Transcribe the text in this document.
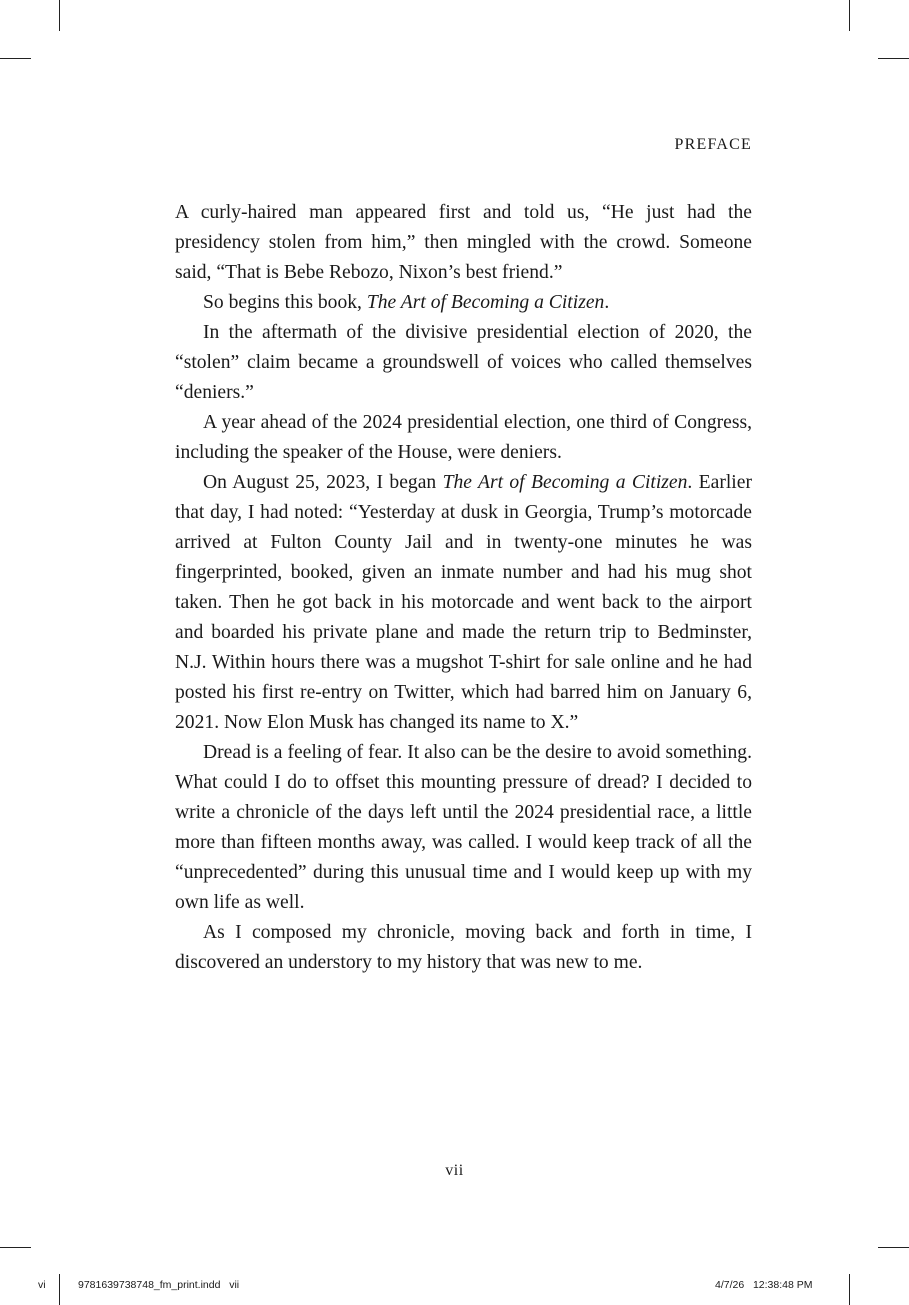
PREFACE

A curly-haired man appeared first and told us, “He just had the presidency stolen from him,” then mingled with the crowd. Someone said, “That is Bebe Rebozo, Nixon’s best friend.”

So begins this book, The Art of Becoming a Citizen.

In the aftermath of the divisive presidential election of 2020, the “stolen” claim became a groundswell of voices who called themselves “deniers.”

A year ahead of the 2024 presidential election, one third of Congress, including the speaker of the House, were deniers.

On August 25, 2023, I began The Art of Becoming a Citizen. Earlier that day, I had noted: “Yesterday at dusk in Georgia, Trump’s motorcade arrived at Fulton County Jail and in twenty-one minutes he was fingerprinted, booked, given an inmate number and had his mug shot taken. Then he got back in his motorcade and went back to the airport and boarded his private plane and made the return trip to Bedminster, N.J. Within hours there was a mugshot T-shirt for sale online and he had posted his first re-entry on Twitter, which had barred him on January 6, 2021. Now Elon Musk has changed its name to X.”

Dread is a feeling of fear. It also can be the desire to avoid something. What could I do to offset this mounting pressure of dread? I decided to write a chronicle of the days left until the 2024 presidential race, a little more than fifteen months away, was called. I would keep track of all the “unprecedented” during this unusual time and I would keep up with my own life as well.

As I composed my chronicle, moving back and forth in time, I discovered an understory to my history that was new to me.

vii
vi	9781639738748_fm_print.indd   vii	4/7/26   12:38:48 PM
